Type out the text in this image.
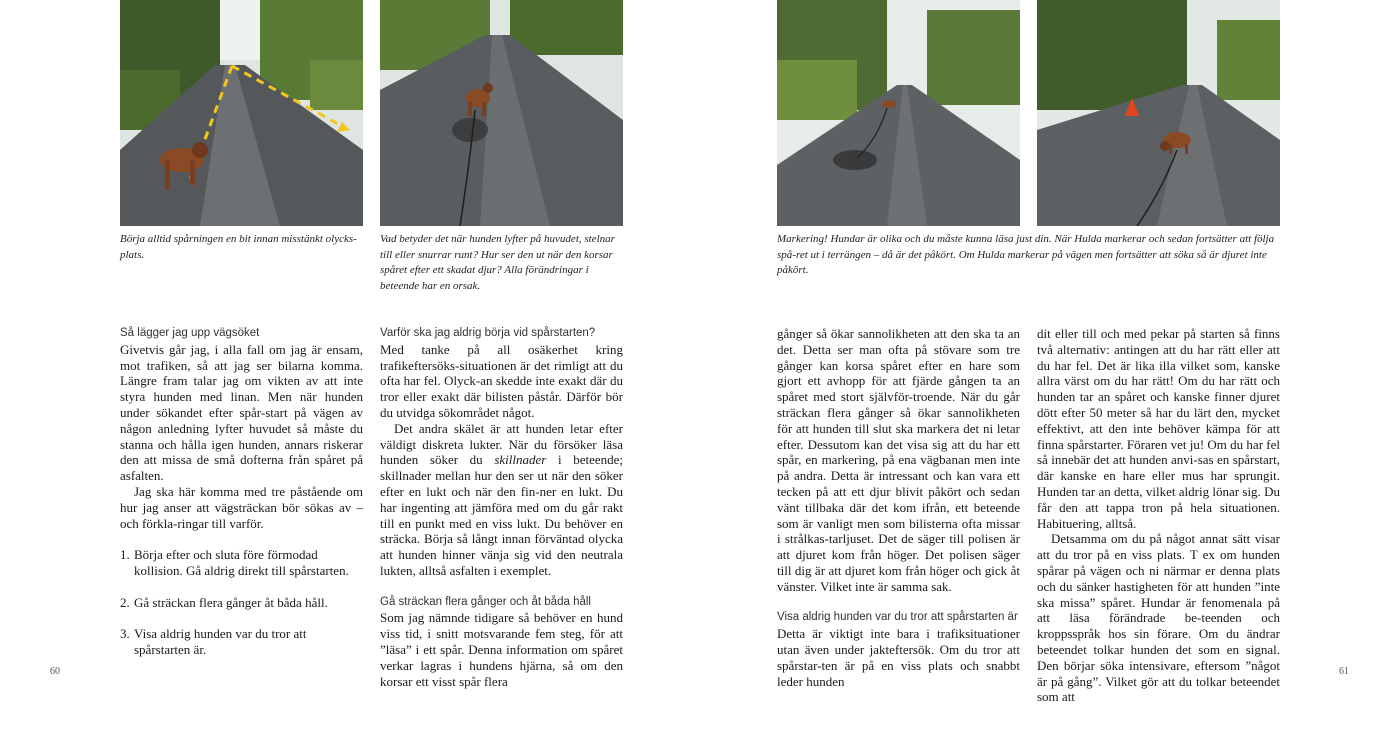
Börja alltid spårningen en bit innan misstänkt olycks-plats.
Vad betyder det när hunden lyfter på huvudet, stelnar till eller snurrar runt? Hur ser den ut när den korsar spåret efter ett skadat djur? Alla förändringar i beteende har en orsak.
Så lägger jag upp vägsöket

Givetvis går jag, i alla fall om jag är ensam, mot trafiken, så att jag ser bilarna komma. Längre fram talar jag om vikten av att inte styra hunden med linan. Men när hunden under sökandet efter spår-start på vägen av någon anledning lyfter huvudet så måste du stanna och hålla igen hunden, annars riskerar den att missa de små dofterna från spåret på asfalten.

Jag ska här komma med tre påstående om hur jag anser att vägsträckan bör sökas av – och förkla-ringar till varför.

1. Börja efter och sluta före förmodad kollision. Gå aldrig direkt till spårstarten.
2. Gå sträckan flera gånger åt båda håll.
3. Visa aldrig hunden var du tror att spårstarten är.
Varför ska jag aldrig börja vid spårstarten?

Med tanke på all osäkerhet kring trafikeftersöks-situationen är det rimligt att du ofta har fel. Olyck-an skedde inte exakt där du tror eller exakt där bilisten påstår. Därför bör du utvidga sökområdet något.

Det andra skälet är att hunden letar efter väldigt diskreta lukter. När du försöker läsa hunden söker du skillnader i beteende; skillnader mellan hur den ser ut när den söker efter en lukt och när den fin-ner en lukt. Du har ingenting att jämföra med om du går rakt till en punkt med en viss lukt. Du behöver en sträcka. Börja så långt innan förväntad olycka att hunden hinner vänja sig vid den neutrala lukten, alltså asfalten i exemplet.

Gå sträckan flera gånger och åt båda håll

Som jag nämnde tidigare så behöver en hund viss tid, i snitt motsvarande fem steg, för att ”läsa” i ett spår. Denna information om spåret verkar lagras i hundens hjärna, så om den korsar ett visst spår flera

60
Markering! Hundar är olika och du måste kunna läsa just din. När Hulda markerar och sedan fortsätter att följa spå-ret ut i terrängen – då är det påkört. Om Hulda markerar på vägen men fortsätter att söka så är djuret inte påkört.

gånger så ökar sannolikheten att den ska ta an det. Detta ser man ofta på stövare som tre gånger kan korsa spåret efter en hare som gjort ett avhopp för att fjärde gången ta an spåret med stort självför-troende. När du går sträckan flera gånger så ökar sannolikheten för att hunden till slut ska markera det ni letar efter. Dessutom kan det visa sig att du har ett spår, en markering, på ena vägbanan men inte på andra. Detta är intressant och kan vara ett tecken på att ett djur blivit påkört och sedan vänt tillbaka där det kom ifrån, ett beteende som är vanligt men som bilisterna ofta missar i strålkas-tarljuset. Det de säger till polisen är att djuret kom från höger. Det polisen säger till dig är att djuret kom från höger och gick åt vänster. Vilket inte är samma sak.

Visa aldrig hunden var du tror att spårstarten är

Detta är viktigt inte bara i trafiksituationer utan även under jakteftersök. Om du tror att spårstar-ten är på en viss plats och snabbt leder hunden

dit eller till och med pekar på starten så finns två alternativ: antingen att du har rätt eller att du har fel. Det är lika illa vilket som, kanske allra värst om du har rätt! Om du har rätt och hunden tar an spåret och kanske finner djuret dött efter 50 meter så har du lärt den, mycket effektivt, att den inte behöver kämpa för att finna spårstarter. Föraren vet ju! Om du har fel så innebär det att hunden anvi-sas en spårstart, där kanske en hare eller mus har sprungit. Hunden tar an detta, vilket aldrig lönar sig. Du får den att tappa tron på hela situationen. Habituering, alltså.

Detsamma om du på något annat sätt visar att du tror på en viss plats. T ex om hunden spårar på vägen och ni närmar er denna plats och du sänker hastigheten för att hunden ”inte ska missa” spåret. Hundar är fenomenala på att läsa förändrade be-teenden och kroppsspråk hos sin förare. Om du ändrar beteendet tolkar hunden det som en signal. Den börjar söka intensivare, eftersom ”något är på gång”. Vilket gör att du tolkar beteendet som att

61
